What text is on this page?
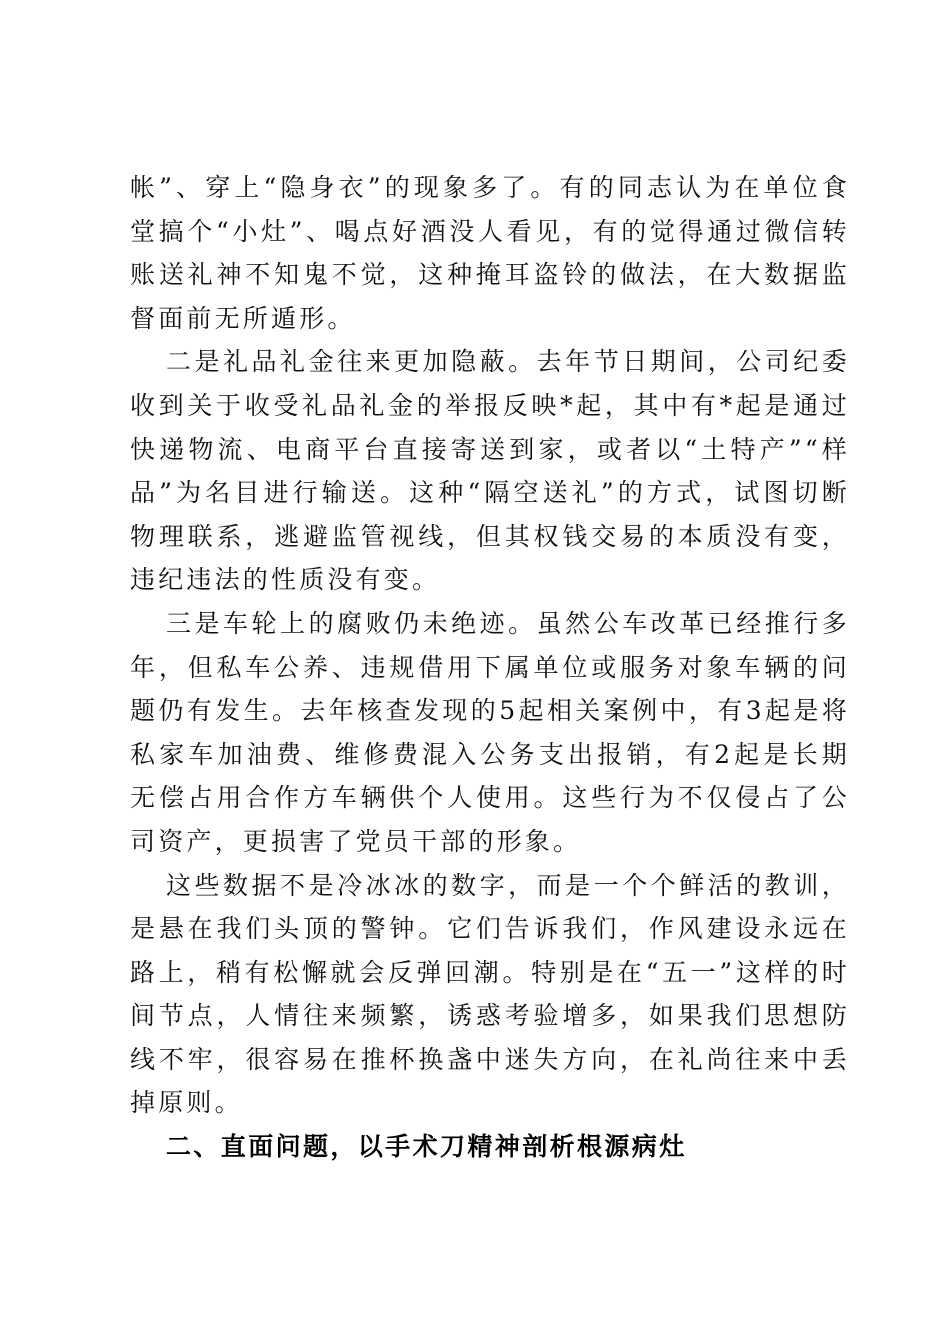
帐”、穿上“隐身衣”的现象多了。有的同志认为在单位食堂搞个“小灶”、喝点好酒没人看见，有的觉得通过微信转账送礼神不知鬼不觉，这种掩耳盗铃的做法，在大数据监督面前无所遁形。

二是礼品礼金往来更加隐蔽。去年节日期间，公司纪委收到关于收受礼品礼金的举报反映*起，其中有*起是通过快递物流、电商平台直接寄送到家，或者以“土特产”“样品”为名目进行输送。这种“隔空送礼”的方式，试图切断物理联系，逃避监管视线，但其权钱交易的本质没有变，违纪违法的性质没有变。

三是车轮上的腐败仍未绝迹。虽然公车改革已经推行多年，但私车公养、违规借用下属单位或服务对象车辆的问题仍有发生。去年核查发现的5起相关案例中，有3起是将私家车加油费、维修费混入公务支出报销，有2起是长期无偿占用合作方车辆供个人使用。这些行为不仅侵占了公司资产，更损害了党员干部的形象。

这些数据不是冷冰冰的数字，而是一个个鲜活的教训，是悬在我们头顶的警钟。它们告诉我们，作风建设永远在路上，稍有松懈就会反弹回潮。特别是在“五一”这样的时间节点，人情往来频繁，诱惑考验增多，如果我们思想防线不牢，很容易在推杯换盏中迷失方向，在礼尚往来中丢掉原则。

二、直面问题，以手术刀精神剖析根源病灶
